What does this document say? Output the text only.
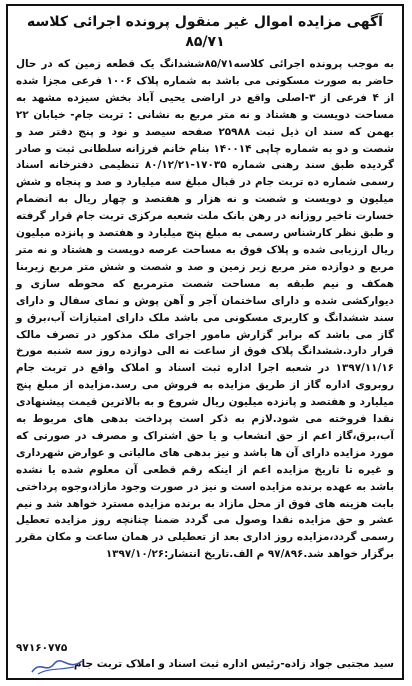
آگهی مزایده اموال غیر منقول پرونده اجرائی کلاسه ۸۵/۷۱

به موجب پرونده اجرائی کلاسه۸۵/۷۱ششدانگ یک قطعه زمین که در حال حاضر به صورت مسکونی می باشد به شماره پلاک ۱۰۰۶ فرعی مجزا شده از ۴ فرعی از ۳-اصلی واقع در اراضی یحیی آباد بخش سیزده مشهد به مساحت دویست و هشتاد و نه متر مربع به نشانی : تربت جام- خیابان ۲۲ بهمن که سند ان ذیل ثبت ۲۵۹۸۸ صفحه سیصد و نود و پنج دفتر صد و شصت و دو به شماره چاپی ۱۴۰۰۱۴ بنام خانم فرزانه سلطانی ثبت و صادر گردیده طبق سند رهنی شماره ۱۷۰۳۵-۸۰/۱۲/۲۱ تنظیمی دفترخانه اسناد رسمی شماره ده تربت جام در قبال مبلغ سه میلیارد و صد و پنجاه و شش میلیون و دویست و شصت و نه هزار و هفتصد و چهار ریال به انضمام خسارت تاخیر روزانه در رهن بانک ملت شعبه مرکزی تربت جام قرار گرفته و طبق نظر کارشناس رسمی به مبلغ پنج میلیارد و هفتصد و پانزده میلیون ریال ارزیابی شده و پلاک فوق به مساحت عرصه دویست و هشتاد و نه متر مربع و دوازده متر مربع زیر زمین و صد و شصت و شش متر مربع زیربنا همکف و نیم طبقه به مساحت شصت مترمربع که محوطه سازی و دیوارکشی شده و دارای ساختمان آجر و آهن پوش و نمای سفال و دارای سند ششدانگ و کاربری مسکونی می باشد ملک دارای امتیازات آب،برق و گاز می باشد که برابر گزارش مامور اجرای ملک مذکور در تصرف مالک قرار دارد.ششدانگ پلاک فوق از ساعت نه الی دوازده روز سه شنبه مورخ ۱۳۹۷/۱۱/۱۶ در شعبه اجرا اداره ثبت اسناد و املاک واقع در تربت جام روبروی اداره گاز از طریق مزایده به فروش می رسد.مزایده از مبلغ پنج میلیارد و هفتصد و پانزده میلیون ریال شروع و به بالاترین قیمت پیشنهادی نقدا فروخته می شود.لازم به ذکر است پرداخت بدهی های مربوط به آب،برق،گاز اعم از حق انشعاب و یا حق اشتراک و مصرف در صورتی که مورد مزایده دارای آن ها باشد و نیز بدهی های مالیاتی و عوارض شهرداری و غیره تا تاریخ مزایده اعم از اینکه رقم قطعی آن معلوم شده یا نشده باشد به عهده برنده مزایده است و نیز در صورت وجود مازاد،وجوه پرداختی بابت هزینه های فوق از محل مازاد به برنده مزایده مسترد خواهد شد و نیم عشر و حق مزایده نقدا وصول می گردد ضمنا چنانچه روز مزایده تعطیل رسمی گردد،مزایده روز اداری بعد از تعطیلی در همان ساعت و مکان مقرر برگزار خواهد شد.۹۷/۸۹۶ م الف.تاریخ انتشار:۱۳۹۷/۱۰/۲۶

۹۷۱۶۰۷۷۵
سید مجتبی جواد زاده-رئیس اداره ثبت اسناد و املاک تربت جام
